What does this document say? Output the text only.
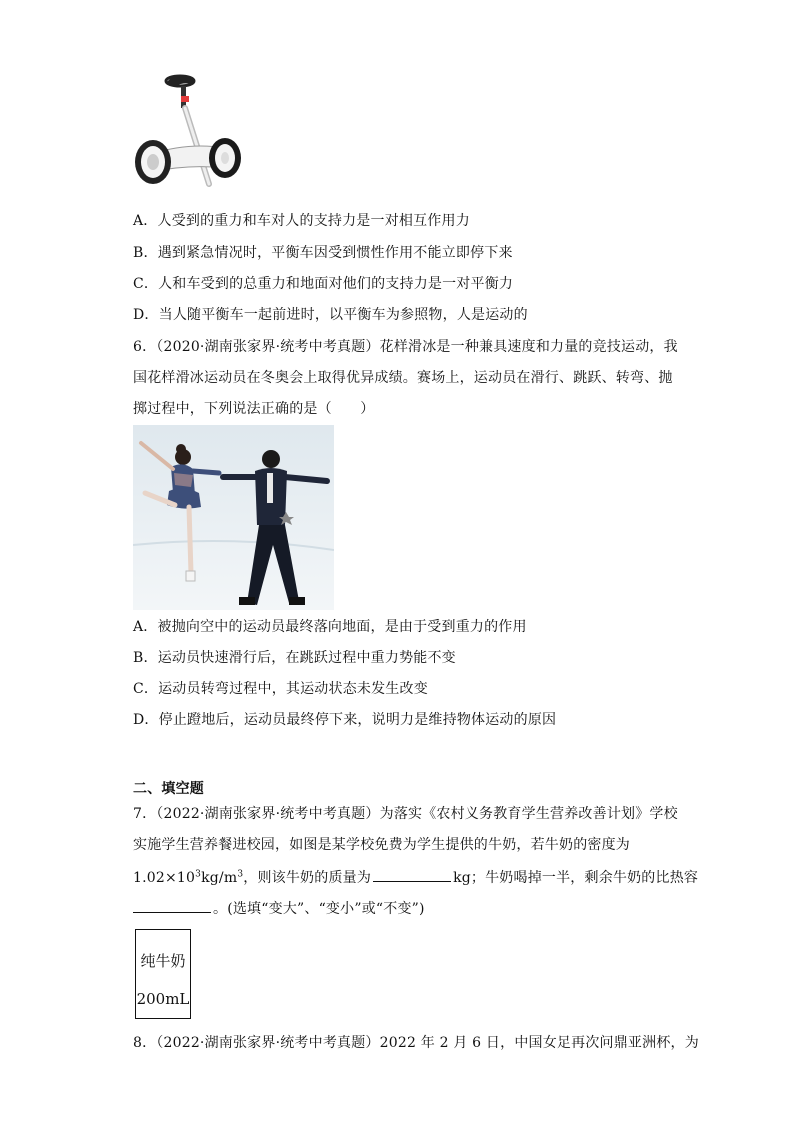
A．人受到的重力和车对人的支持力是一对相互作用力
B．遇到紧急情况时，平衡车因受到惯性作用不能立即停下来
C．人和车受到的总重力和地面对他们的支持力是一对平衡力
D．当人随平衡车一起前进时，以平衡车为参照物，人是运动的
6．（2020·湖南张家界·统考中考真题）花样滑冰是一种兼具速度和力量的竞技运动，我
国花样滑冰运动员在冬奥会上取得优异成绩。赛场上，运动员在滑行、跳跃、转弯、抛
掷过程中，下列说法正确的是（　　）
A．被抛向空中的运动员最终落向地面，是由于受到重力的作用
B．运动员快速滑行后，在跳跃过程中重力势能不变
C．运动员转弯过程中，其运动状态未发生改变
D．停止蹬地后，运动员最终停下来，说明力是维持物体运动的原因
二、填空题
7．（2022·湖南张家界·统考中考真题）为落实《农村义务教育学生营养改善计划》学校
实施学生营养餐进校园，如图是某学校免费为学生提供的牛奶，若牛奶的密度为
$1.02\times 10^3kg/m^3$，则该牛奶的质量为	kg；牛奶喝掉一半，剩余牛奶的比热容
。(选填“变大”、“变小”或“不变”)
纯牛奶
200mL
8．（2022·湖南张家界·统考中考真题）2022 年 2 月 6 日，中国女足再次问鼎亚洲杯，为
